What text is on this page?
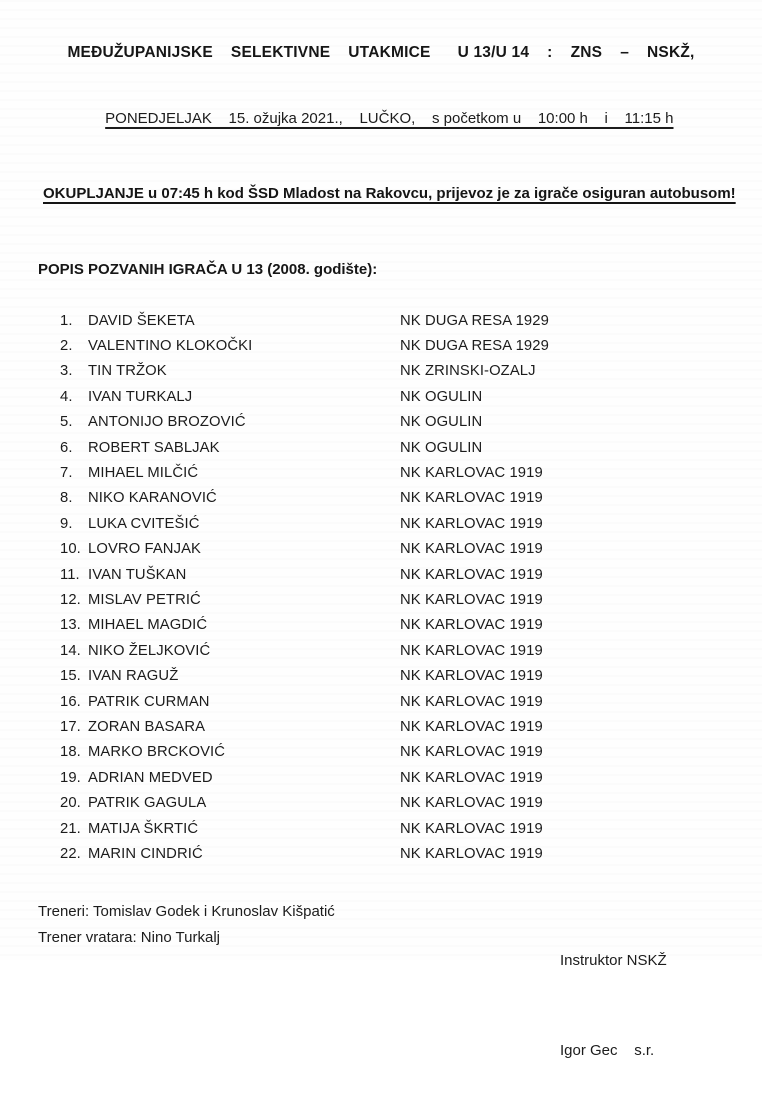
MEĐUŽUPANIJSKE    SELEKTIVNE    UTAKMICE      U 13/U 14    :    ZNS    –    NSKŽ,

PONEDJELJAK    15. ožujka 2021.,    LUČKO,    s početkom u    10:00 h    i    11:15 h

OKUPLJANJE u 07:45 h kod ŠSD Mladost na Rakovcu, prijevoz je za igrače osiguran autobusom!

POPIS POZVANIH IGRAČA U 13 (2008. godište):
1.	DAVID ŠEKETA	NK DUGA RESA 1929
2.	VALENTINO KLOKOČKI	NK DUGA RESA 1929
3.	TIN TRŽOK	NK ZRINSKI-OZALJ
4.	IVAN TURKALJ	NK OGULIN
5.	ANTONIJO BROZOVIĆ	NK OGULIN
6.	ROBERT SABLJAK	NK OGULIN
7.	MIHAEL MILČIĆ	NK KARLOVAC 1919
8.	NIKO KARANOVIĆ	NK KARLOVAC 1919
9.	LUKA CVITEŠIĆ	NK KARLOVAC 1919
10. LOVRO FANJAK	NK KARLOVAC 1919
11. IVAN TUŠKAN	NK KARLOVAC 1919
12. MISLAV PETRIĆ	NK KARLOVAC 1919
13. MIHAEL MAGDIĆ	NK KARLOVAC 1919
14. NIKO ŽELJKOVIĆ	NK KARLOVAC 1919
15. IVAN RAGUŽ	NK KARLOVAC 1919
16. PATRIK CURMAN	NK KARLOVAC 1919
17. ZORAN BASARA	NK KARLOVAC 1919
18. MARKO BRCKOVIĆ	NK KARLOVAC 1919
19. ADRIAN MEDVED	NK KARLOVAC 1919
20. PATRIK GAGULA	NK KARLOVAC 1919
21. MATIJA ŠKRTIĆ	NK KARLOVAC 1919
22. MARIN CINDRIĆ	NK KARLOVAC 1919
Treneri: Tomislav Godek i Krunoslav Kišpatić
Trener vratara: Nino Turkalj

Instruktor NSKŽ

Igor Gec    s.r.
